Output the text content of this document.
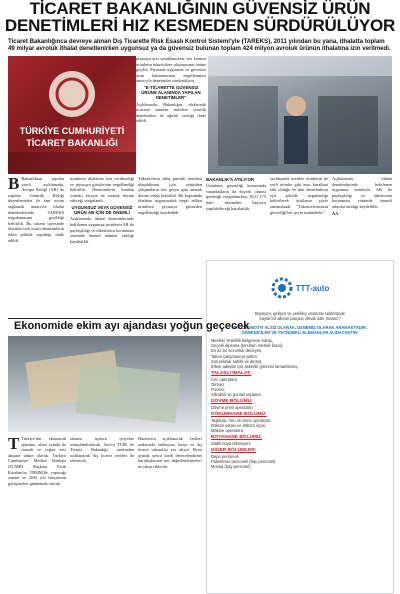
TİCARET BAKANLIĞININ GÜVENSİZ ÜRÜN
DENETİMLERİ HIZ KESMEDEN SÜRDÜRÜLÜYOR
Ticaret Bakanlığınca devreye alınan Dış Ticarette Risk Esaslı Kontrol Sistemi'yle (TAREKS), 2011 yılından bu yana, ithalatta toplam 49 milyar avroluk ithalat denetlenirken uygunsuz ya da güvensiz bulunan toplam 424 milyon avroluk ürünün ithalatına izin verilmedi.
TÜRKİYE CUMHURİYETİ
TİCARET BAKANLIĞI

piyasaya arzı yasaklanırken, söz konusu ürünlerin tüketicilere ulaşmasının önüne geçildi. Piyasada uygunsuz ve güvensiz ürün bulunmasının engellenmesi amacıyla denetimler sürdürülüyor.

"E-TİCARETTE GÜVENSİZ ÜRÜNE ALANINDA YAPILAN DENETİMLER"

Açıklamada, Bakanlığın, elektronik ticarette sunulan ürünlere yönelik denetimlere de ağırlık verdiği ifade edildi.

B Bakanlıktan yapılan yazılı açıklamada, Avrupa Birliği (AB) ile yapılan Gümrük Birliği düzenlemeleri ile tam uyum sağlamak amacıyla ithalat denetimlerinde TAREKS uygulamasına geçildiği belirtildi. Bu sistem sayesinde ithalatta risk esaslı denetimlerin etkin şekilde yapıldığı ifade edildi.

ürünlerin ithalatına izin verilmediği ve piyasaya girişlerinin engellendiği belirtildi. Denetimlerin bundan sonraki süreçte de artarak devam edeceği vurgulandı.

UYGUNSUZ VEYA GÜVENSİZ ÜRÜN AB İÇİN DE ÖNEMLİ

Açıklamada, ithalat denetimlerinde belirlenen uygunsuz ürünlerin AB ile paylaşıldığı ve tüketicinin korunması yönünde önemli adımlar atıldığı kaydedildi.

Tüketicilerin daha güvenli ürünlere ulaşabilmesi için yürütülen çalışmaların her geçen gün artarak devam ettiği belirtildi. Bu kapsamda ithalatta uygunsuzluk tespit edilen ürünlerin piyasaya girmeden engellendiği kaydedildi.

BAKANLIK'A ATILIYOR

Ürünlerin güvenliği konusunda vatandaşların da duyarlı olması gerektiği vurgulanırken, ALO 175 hattı üzerinden başvuru yapılabileceği hatırlatıldı.

yurtdışında üretilen ürünlerin de yerli ürünler gibi aynı kurallara tabi olduğu ve tüm denetimlerin eşit şekilde uygulandığı belirtilerek açıklama şöyle tamamlandı: "Tüketicilerimizin güvenliği her şeyin üstündedir."

Açıklamada, ithalat denetimlerinde belirlenen uygunsuz ürünlerin AB ile paylaşıldığı ve tüketicinin korunması yönünde önemli adımlar atıldığı kaydedildi.

AA
TTT-auto
Büyüyen, gelişen ve yenilikçi otomotiv sektöründe
büyük bir ailenin parçası olmak ister misiniz?
TTT OTOMOTİV ALSIZ OLARAK, DENEMİŞ OLARAK ARAMAKTADIR.
ÖĞRENİCİLER VE TECRÜBELİ ELEMANLAR ALINACAKTIR.
Mesleki Yeterlilik Belgesine Sahip,
Geçerli diploma (tercihen meslek lisesi),
En az bir sezonluk deneyim,
Takım çalışmasına yatkın,
Sorumluluk sahibi ve dürüst,
Erkek adaylar için askerlik görevini tamamlamış.
TALAŞLI İMALAT:
Cnc operatörü
Tornacı
Frezeci
Silindirik ve puntalı taşlama
DÖVME BÖLÜMÜ:
Dövme presi operatörü
DÖKÜMHANE BÖLÜMÜ:
Taşlama, fırın ve vince operatörü,
Döküm ustası ve döküm işçisi,
Makine operatörü,
BOYAHANE BÖLÜMÜ:
Statik boya teknisyeni
DİĞER BÖLÜMLER:
Depo personeli
Paketleme personeli (bay personel)
Montaj (bay personel)
Ekonomide ekim ayı ajandası yoğun geçecek
T Türkiye'nin ekonomik ajandası, ekim ayında da önemli ve yoğun veri akışına sahne olacak. Türkiye Cumhuriyet Merkez Bankası (TCMB) Başkanı Fatih Karahan'ın TBMM'de yapacağı sunum ve 2026 yılı bütçesinin görüşmeleri gündemde olacak.

rakamı üçüncü çeyrekte sonuçlandırılacak. Ayrıca TÜİK ile Ticaret Bakanlığı tarafından açıklanacak dış ticaret verileri de izlenecek.

Haziran'ın açıklanacak verileri aralarında enflasyon, bütçe ve dış ticaret rakamları yer alıyor. Ekim ayında ayrıca kredi derecelendirme kuruluşlarının not değerlendirmeleri de takip edilecek.
